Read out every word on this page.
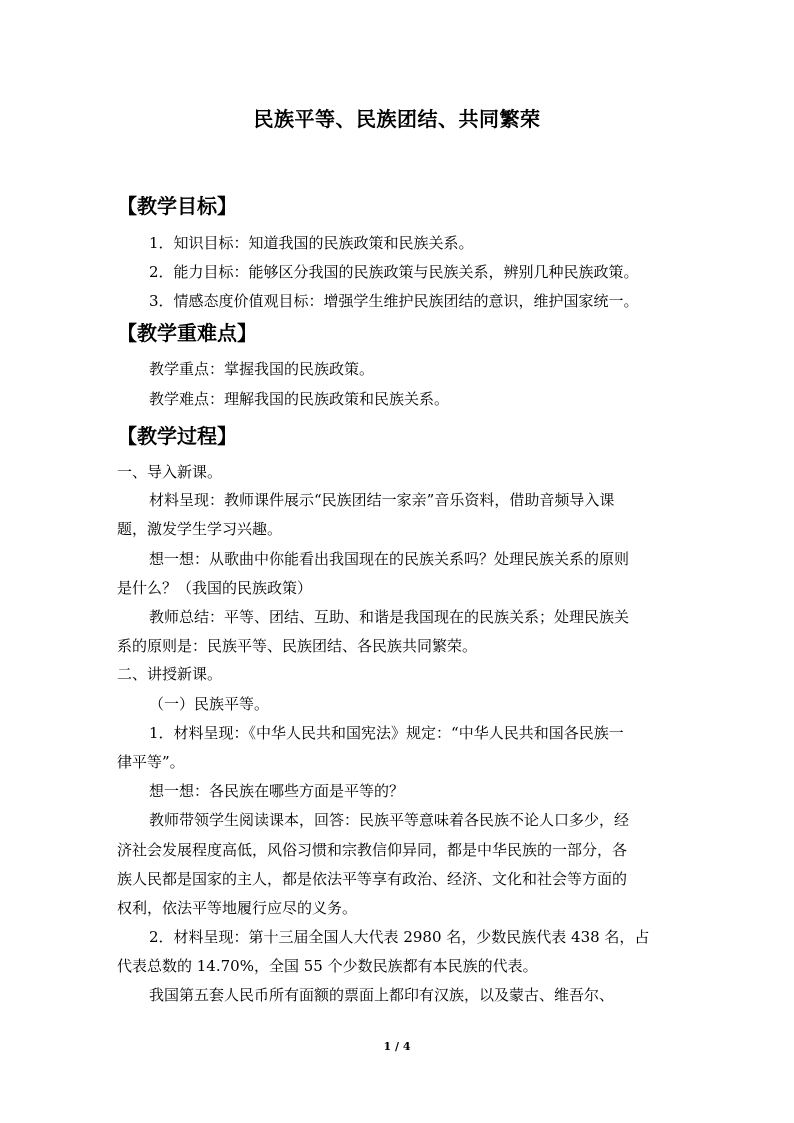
民族平等、民族团结、共同繁荣
【教学目标】
1．知识目标：知道我国的民族政策和民族关系。
2．能力目标：能够区分我国的民族政策与民族关系，辨别几种民族政策。
3．情感态度价值观目标：增强学生维护民族团结的意识，维护国家统一。
【教学重难点】
教学重点：掌握我国的民族政策。
教学难点：理解我国的民族政策和民族关系。
【教学过程】
一、导入新课。
材料呈现：教师课件展示“民族团结一家亲”音乐资料，借助音频导入课
题，激发学生学习兴趣。
想一想：从歌曲中你能看出我国现在的民族关系吗？处理民族关系的原则
是什么？（我国的民族政策）
教师总结：平等、团结、互助、和谐是我国现在的民族关系；处理民族关
系的原则是：民族平等、民族团结、各民族共同繁荣。
二、讲授新课。
（一）民族平等。
1．材料呈现：《中华人民共和国宪法》规定：“中华人民共和国各民族一
律平等”。
想一想：各民族在哪些方面是平等的？
教师带领学生阅读课本，回答：民族平等意味着各民族不论人口多少，经
济社会发展程度高低，风俗习惯和宗教信仰异同，都是中华民族的一部分，各
族人民都是国家的主人，都是依法平等享有政治、经济、文化和社会等方面的
权利，依法平等地履行应尽的义务。
2．材料呈现：第十三届全国人大代表 2980 名，少数民族代表 438 名，占
代表总数的 14.70%，全国 55 个少数民族都有本民族的代表。
我国第五套人民币所有面额的票面上都印有汉族，以及蒙古、维吾尔、
1 / 4
